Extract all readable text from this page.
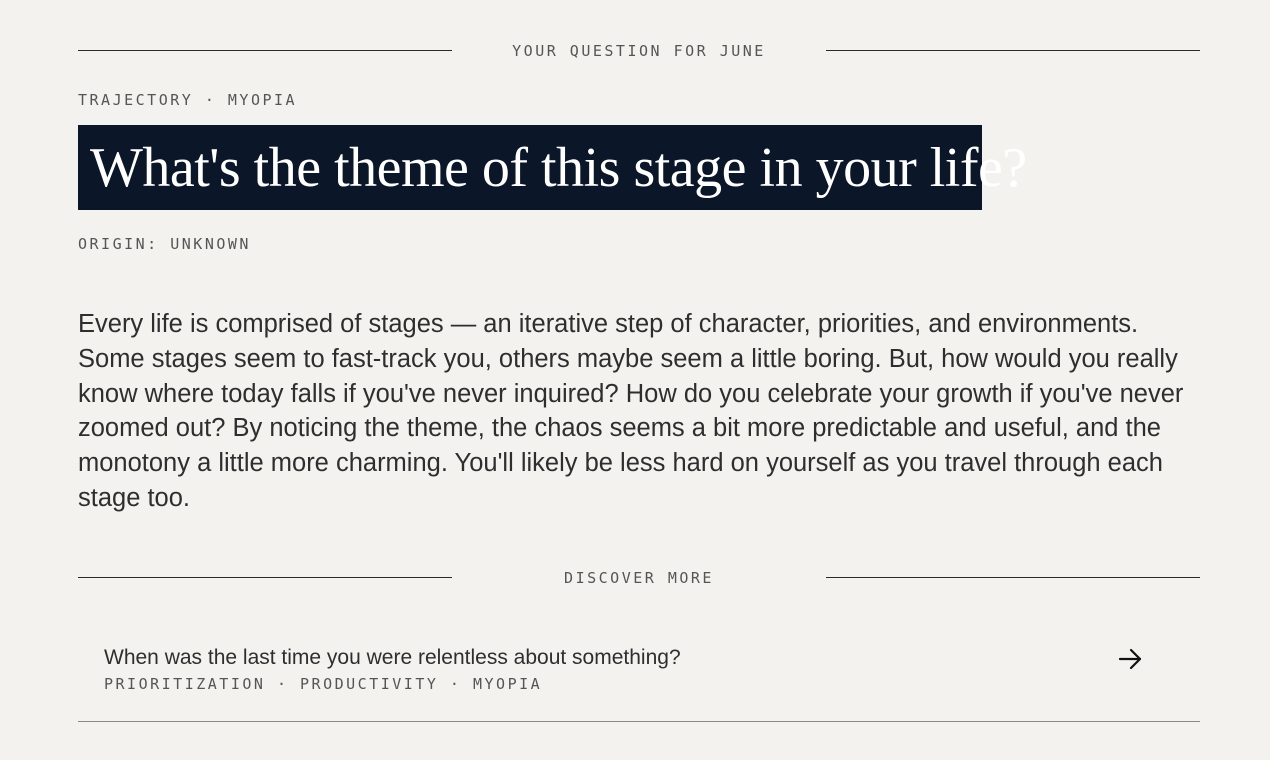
YOUR QUESTION FOR JUNE
TRAJECTORY · MYOPIA
What's the theme of this stage in your life?
ORIGIN: UNKNOWN

Every life is comprised of stages — an iterative step of character, priorities, and environments. Some stages seem to fast-track you, others maybe seem a little boring. But, how would you really know where today falls if you've never inquired? How do you celebrate your growth if you've never zoomed out? By noticing the theme, the chaos seems a bit more predictable and useful, and the monotony a little more charming. You'll likely be less hard on yourself as you travel through each stage too.

DISCOVER MORE
When was the last time you were relentless about something?
PRIORITIZATION · PRODUCTIVITY · MYOPIA
